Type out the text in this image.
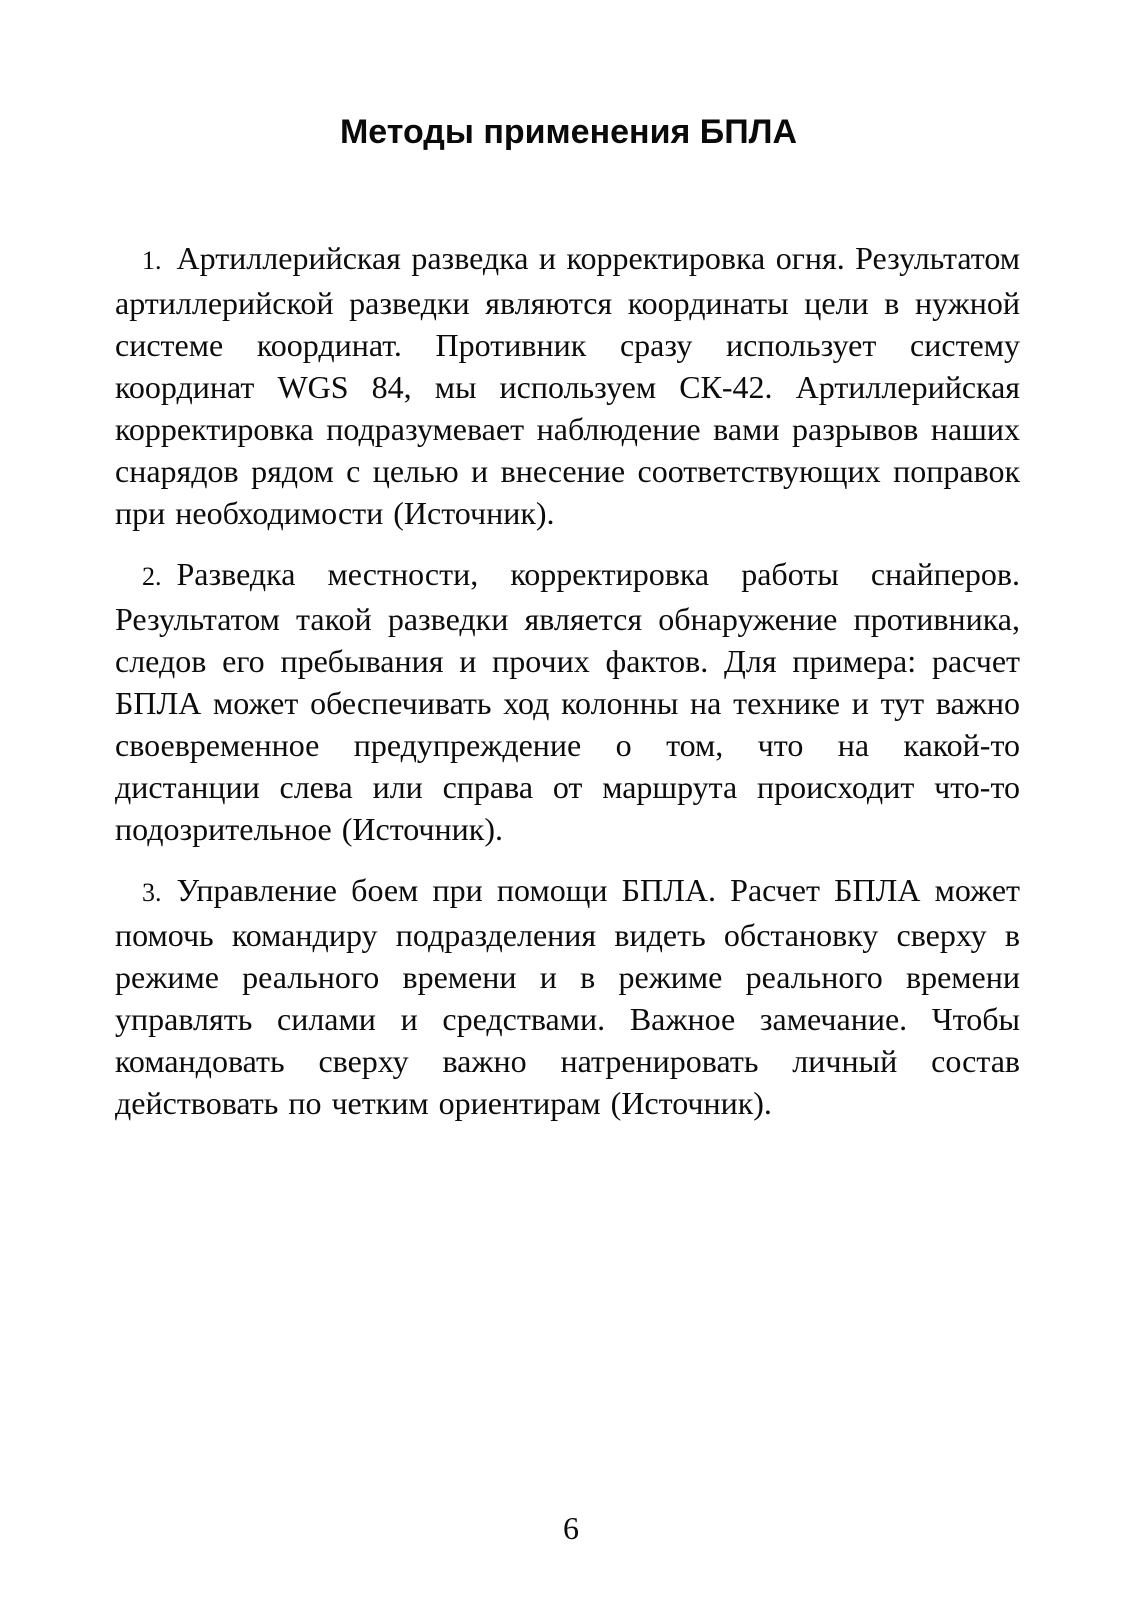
Методы применения БПЛА

1. Артиллерийская разведка и корректировка огня. Результатом артиллерийской разведки являются координаты цели в нужной системе координат. Противник сразу использует систему координат WGS 84, мы используем СК-42. Артиллерийская корректировка подразумевает наблюдение вами разрывов наших снарядов рядом с целью и внесение соответствующих поправок при необходимости (Источник).

2. Разведка местности, корректировка работы снайперов. Результатом такой разведки является обнаружение противника, следов его пребывания и прочих фактов. Для примера: расчет БПЛА может обеспечивать ход колонны на технике и тут важно своевременное предупреждение о том, что на какой-то дистанции слева или справа от маршрута происходит что-то подозрительное (Источник).

3. Управление боем при помощи БПЛА. Расчет БПЛА может помочь командиру подразделения видеть обстановку сверху в режиме реального времени и в режиме реального времени управлять силами и средствами. Важное замечание. Чтобы командовать сверху важно натренировать личный состав действовать по четким ориентирам (Источник).

6
